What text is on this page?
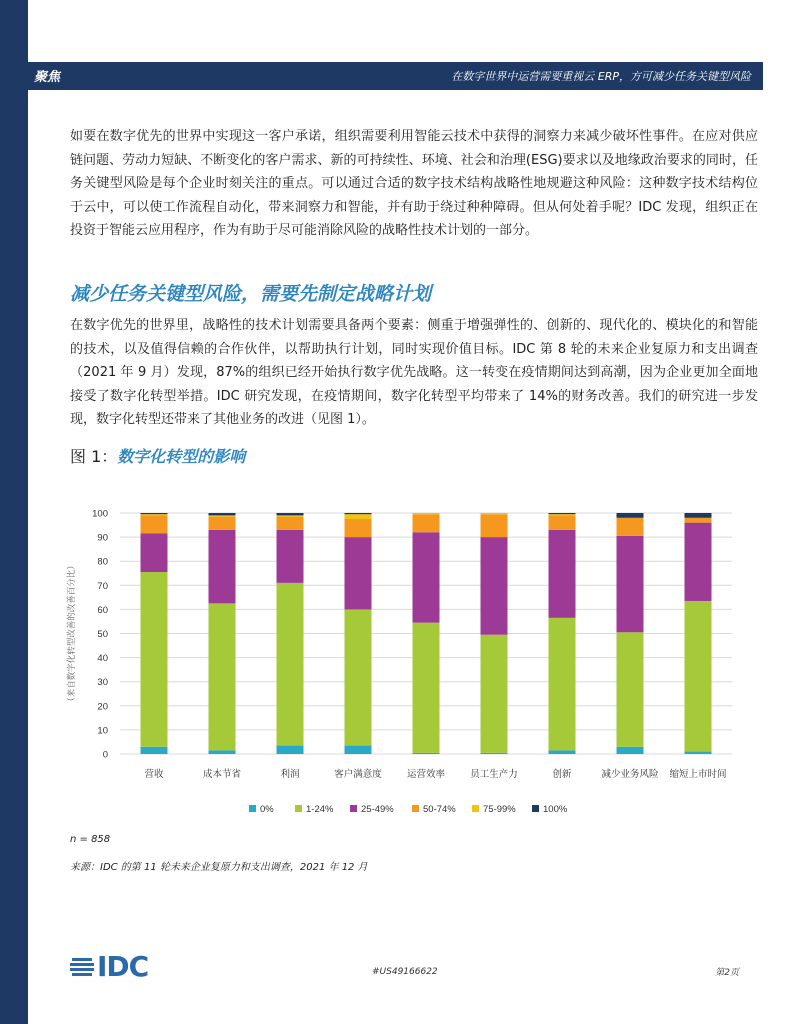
聚焦	在数字世界中运营需要重视云 ERP，方可减少任务关键型风险

如要在数字优先的世界中实现这一客户承诺，组织需要利用智能云技术中获得的洞察力来减少破坏性事件。在应对供应链问题、劳动力短缺、不断变化的客户需求、新的可持续性、环境、社会和治理(ESG)要求以及地缘政治要求的同时，任务关键型风险是每个企业时刻关注的重点。可以通过合适的数字技术结构战略性地规避这种风险：这种数字技术结构位于云中，可以使工作流程自动化，带来洞察力和智能，并有助于绕过种种障碍。但从何处着手呢？IDC 发现，组织正在投资于智能云应用程序，作为有助于尽可能消除风险的战略性技术计划的一部分。

减少任务关键型风险，需要先制定战略计划

在数字优先的世界里，战略性的技术计划需要具备两个要素：侧重于增强弹性的、创新的、现代化的、模块化的和智能的技术，以及值得信赖的合作伙伴，以帮助执行计划，同时实现价值目标。IDC 第 8 轮的未来企业复原力和支出调查（2021 年 9 月）发现，87%的组织已经开始执行数字优先战略。这一转变在疫情期间达到高潮，因为企业更加全面地接受了数字化转型举措。IDC 研究发现，在疫情期间，数字化转型平均带来了 14%的财务改善。我们的研究进一步发现，数字化转型还带来了其他业务的改进（见图 1）。

图 1：数字化转型的影响
0
10
20
30
40
50
60
70
80
90
100
（来自数字化转型改善的改善百分比）
营收	成本节省	利润	客户满意度	运营效率	员工生产力	创新	减少业务风险 缩短上市时间
0%	1-24%	25-49%	50-74%	75-99%	100%
n = 858
来源：IDC 的第 11 轮未来企业复原力和支出调查，2021 年 12 月
IDC	#US49166622	第2页
